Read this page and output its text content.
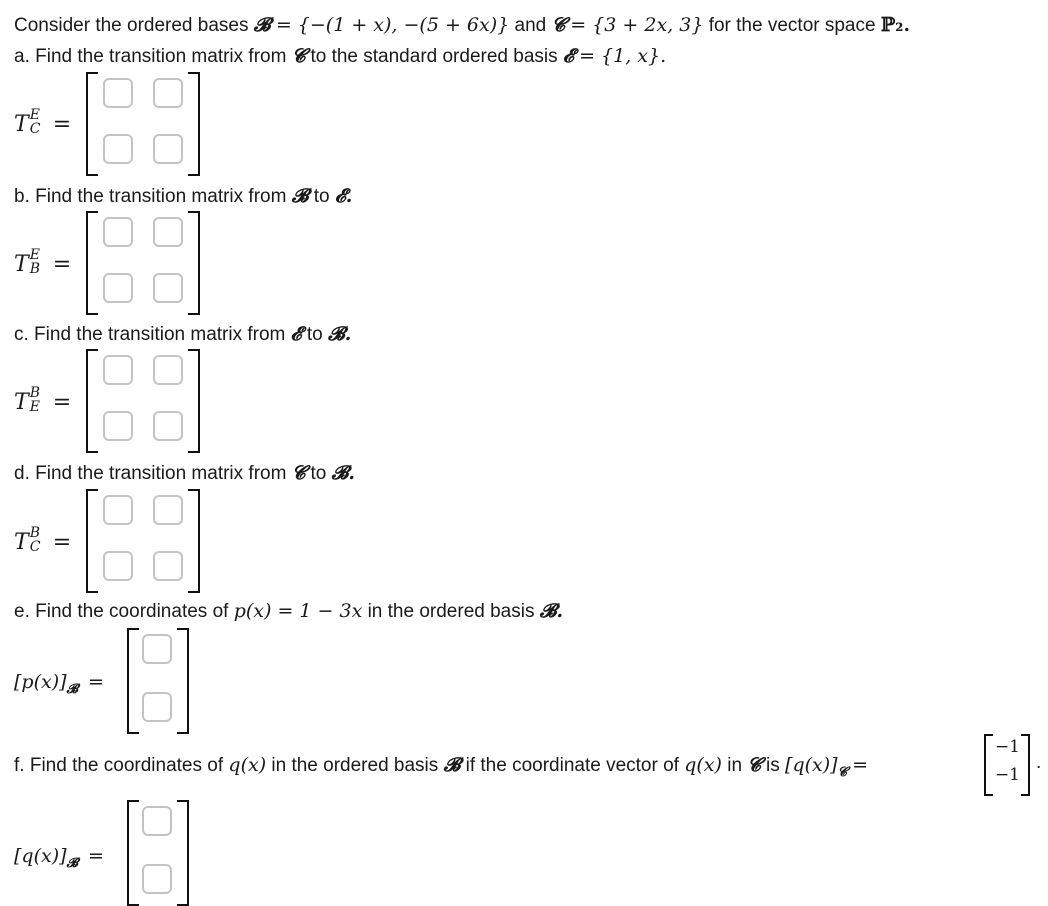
Consider the ordered bases 𝓑 = {−(1 + x), −(5 + 6x)} and 𝓒 = {3 + 2x, 3} for the vector space ℙ₂.
a. Find the transition matrix from 𝓒 to the standard ordered basis 𝓔 = {1, x}.
T E
C =
b. Find the transition matrix from 𝓑 to 𝓔.
T E
B =
c. Find the transition matrix from 𝓔 to 𝓑.
T B
E =
d. Find the transition matrix from 𝓒 to 𝓑.
T B
C =
e. Find the coordinates of p(x) = 1 − 3x in the ordered basis 𝓑.
$[p(x)]_𝓑$ =
f. Find the coordinates of q(x) in the ordered basis 𝓑 if the coordinate vector of q(x) in 𝓒 is $[q(x)]_𝓒$ =
−1
−1
.
$[q(x)]_𝓑$ =
